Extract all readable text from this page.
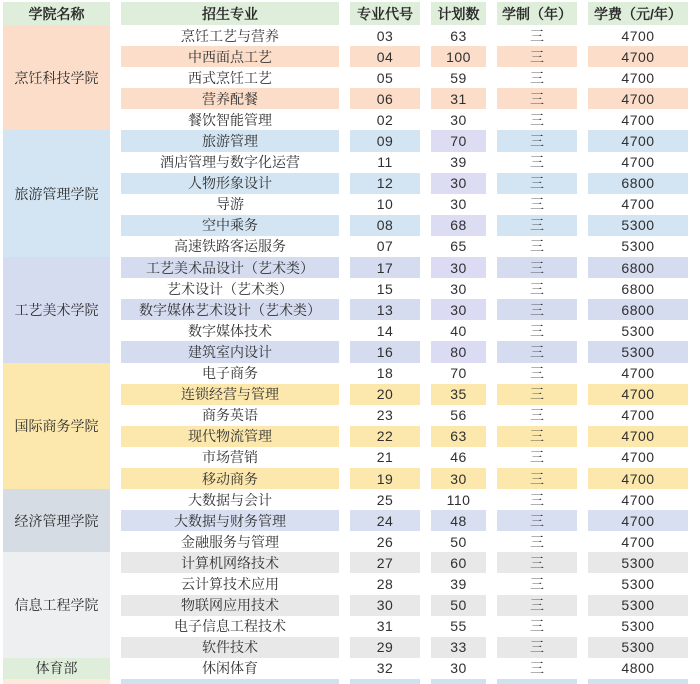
学院名称	招生专业	专业代号	计划数	学制（年）	学费（元/年）
烹饪科技学院
烹饪工艺与营养	03	63	三	4700
中西面点工艺	04	100	三	4700
西式烹饪工艺	05	59	三	4700
营养配餐	06	31	三	4700
餐饮智能管理	02	30	三	4700
旅游管理学院
旅游管理	09	70	三	4700
酒店管理与数字化运营	11	39	三	4700
人物形象设计	12	30	三	6800
导游	10	30	三	4700
空中乘务	08	68	三	5300
高速铁路客运服务	07	65	三	5300
工艺美术学院
工艺美术品设计（艺术类）	17	30	三	6800
艺术设计（艺术类）	15	30	三	6800
数字媒体艺术设计（艺术类）	13	30	三	6800
数字媒体技术	14	40	三	5300
建筑室内设计	16	80	三	5300
国际商务学院
电子商务	18	70	三	4700
连锁经营与管理	20	35	三	4700
商务英语	23	56	三	4700
现代物流管理	22	63	三	4700
市场营销	21	46	三	4700
移动商务	19	30	三	4700
经济管理学院
大数据与会计	25	110	三	4700
大数据与财务管理	24	48	三	4700
金融服务与管理	26	50	三	4700
信息工程学院
计算机网络技术	27	60	三	5300
云计算技术应用	28	39	三	5300
物联网应用技术	30	50	三	5300
电子信息工程技术	31	55	三	5300
软件技术	29	33	三	5300
体育部	休闲体育	32	30	三	4800
